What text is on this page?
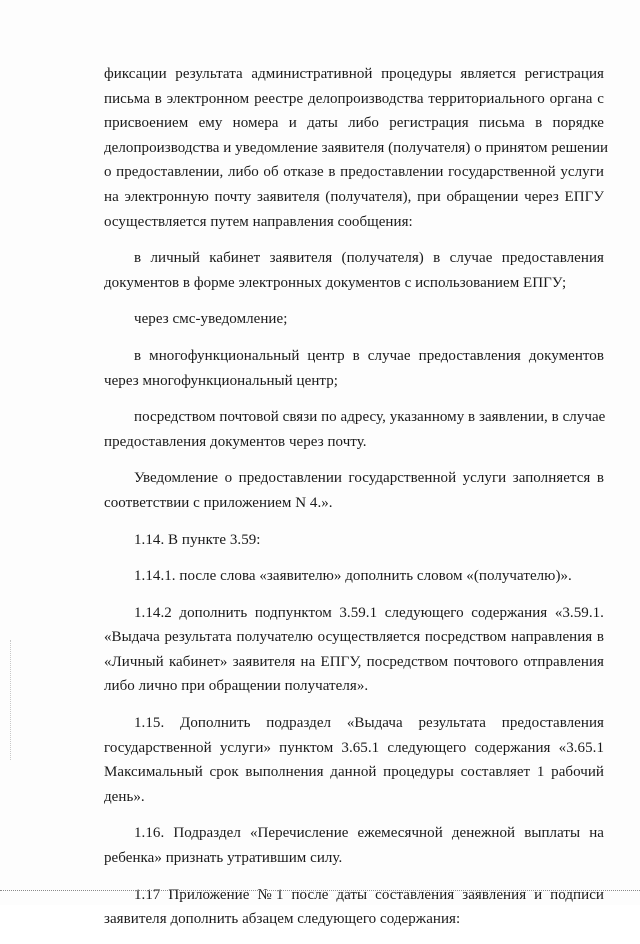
фиксации результата административной процедуры является регистрация
письма в электронном реестре делопроизводства территориального органа с
присвоением ему номера и даты либо регистрация письма в порядке
делопроизводства и уведомление заявителя (получателя) о принятом решении
о предоставлении, либо об отказе в предоставлении государственной услуги
на электронную почту заявителя (получателя), при обращении через ЕПГУ
осуществляется путем направления сообщения:
в личный кабинет заявителя (получателя) в случае предоставления
документов в форме электронных документов с использованием ЕПГУ;
через смс-уведомление;
в многофункциональный центр в случае предоставления документов
через многофункциональный центр;
посредством почтовой связи по адресу, указанному в заявлении, в случае
предоставления документов через почту.
Уведомление о предоставлении государственной услуги заполняется в
соответствии с приложением N 4.».
1.14. В пункте 3.59:
1.14.1. после слова «заявителю» дополнить словом «(получателю)».
1.14.2 дополнить подпунктом 3.59.1 следующего содержания «3.59.1.
«Выдача результата получателю осуществляется посредством направления в
«Личный кабинет» заявителя на ЕПГУ, посредством почтового отправления
либо лично при обращении получателя».
1.15. Дополнить подраздел «Выдача результата предоставления
государственной услуги» пунктом 3.65.1 следующего содержания «3.65.1
Максимальный срок выполнения данной процедуры составляет 1 рабочий
день».
1.16. Подраздел «Перечисление ежемесячной денежной выплаты на
ребенка» признать утратившим силу.
1.17 Приложение №1 после даты составления заявления и подписи
заявителя дополнить абзацем следующего содержания:
